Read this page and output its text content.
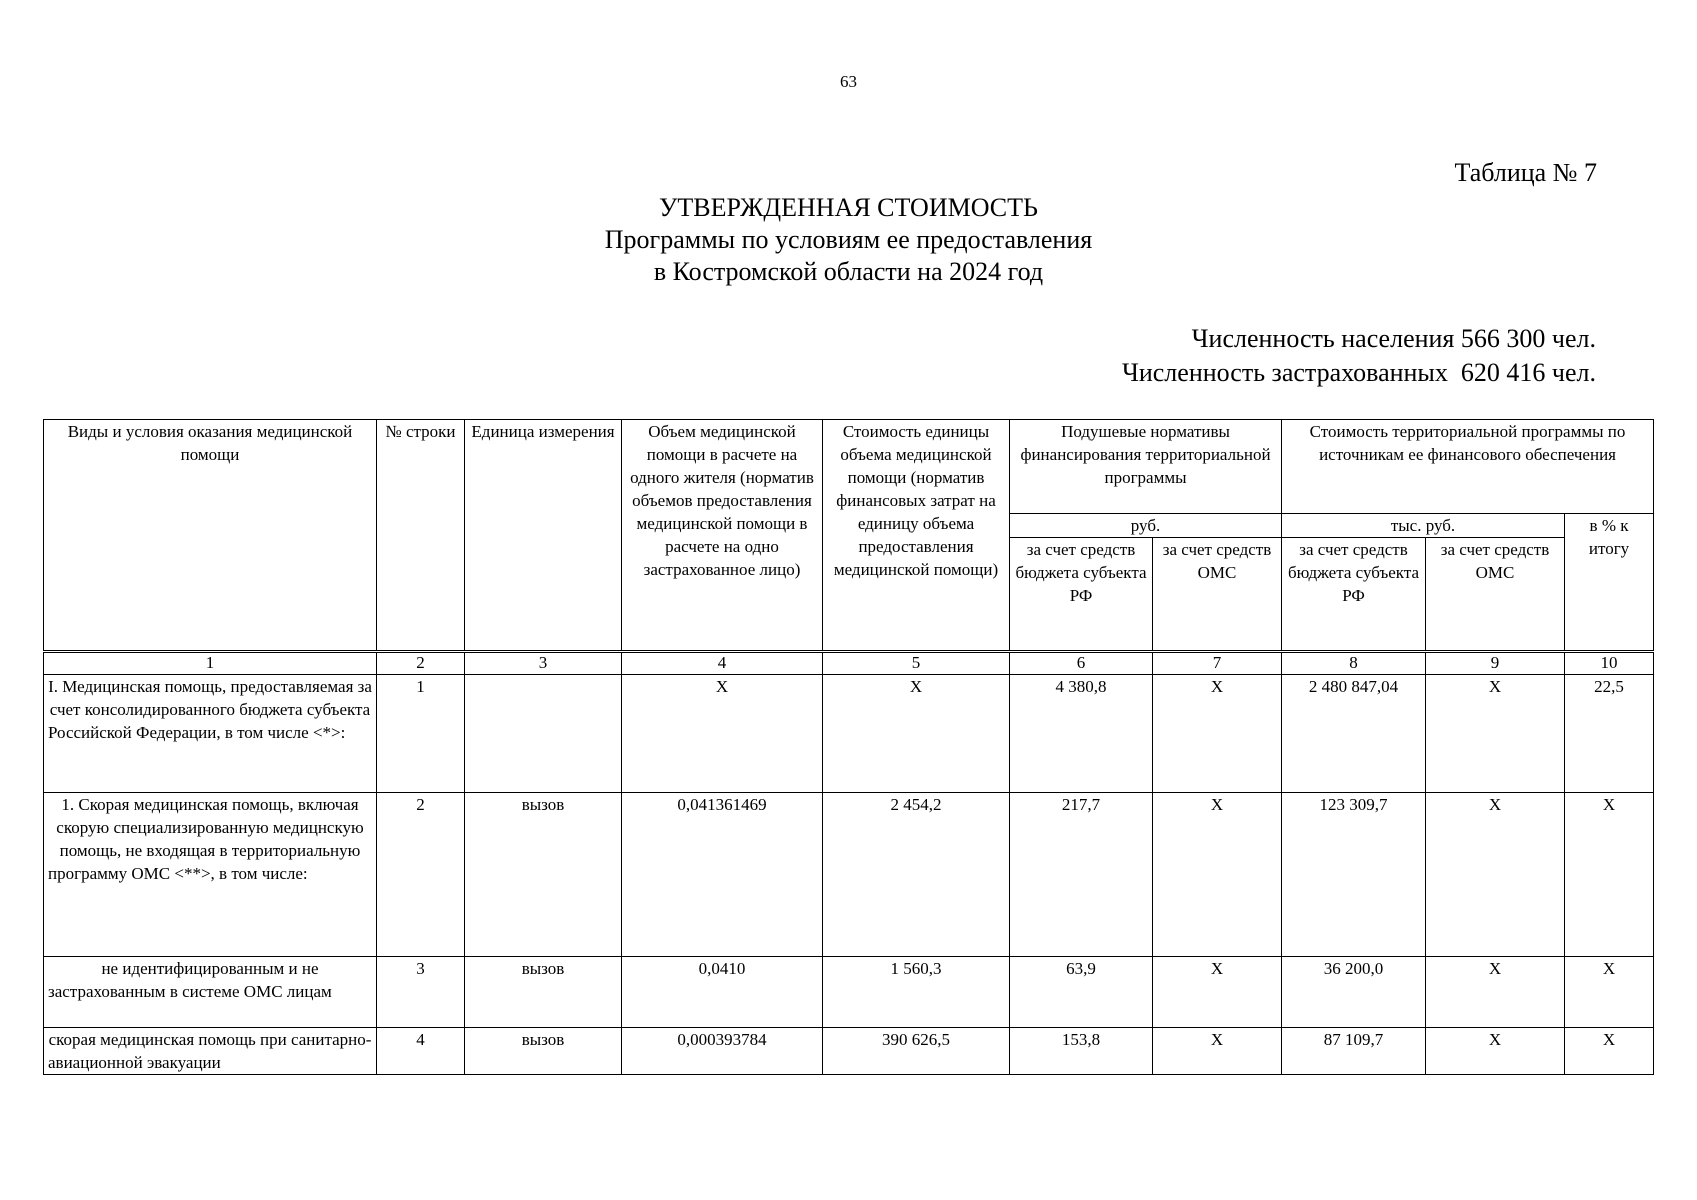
63
Таблица № 7
УТВЕРЖДЕННАЯ СТОИМОСТЬ
Программы по условиям ее предоставления
в Костромской области на 2024 год
Численность населения 566 300 чел.
Численность застрахованных  620 416 чел.
Виды и условия оказания медицинской помощи	№ строки	Единица измерения	Объем медицинской помощи в расчете на одного жителя (норматив объемов предоставления медицинской помощи в расчете на одно застрахованное лицо)	Стоимость единицы объема медицинской помощи (норматив финансовых затрат на единицу объема предоставления медицинской помощи)	Подушевые нормативы финансирования территориальной программы		Стоимость территориальной программы по источникам ее финансового обеспечения		
					руб.		тыс. руб.		в % к итогу
					за счет средств бюджета субъекта РФ	за счет средств ОМС	за счет средств бюджета субъекта РФ	за счет средств ОМС	
1	2	3	4	5	6	7	8	9	10
I. Медицинская помощь, предоставляемая за счет консолидированного бюджета субъекта Российской Федерации, в том числе <*>:	1		X	X	4 380,8	X	2 480 847,04	X	22,5
1. Скорая медицинская помощь, включая скорую специализированную медицнскую помощь, не входящая в территориальную программу ОМС <**>, в том числе:	2	вызов	0,041361469	2 454,2	217,7	X	123 309,7	X	X
не идентифицированным и не застрахованным в системе ОМС лицам	3	вызов	0,0410	1 560,3	63,9	X	36 200,0	X	X
скорая медицинская помощь при санитарно-авиационной эвакуации	4	вызов	0,000393784	390 626,5	153,8	X	87 109,7	X	X
